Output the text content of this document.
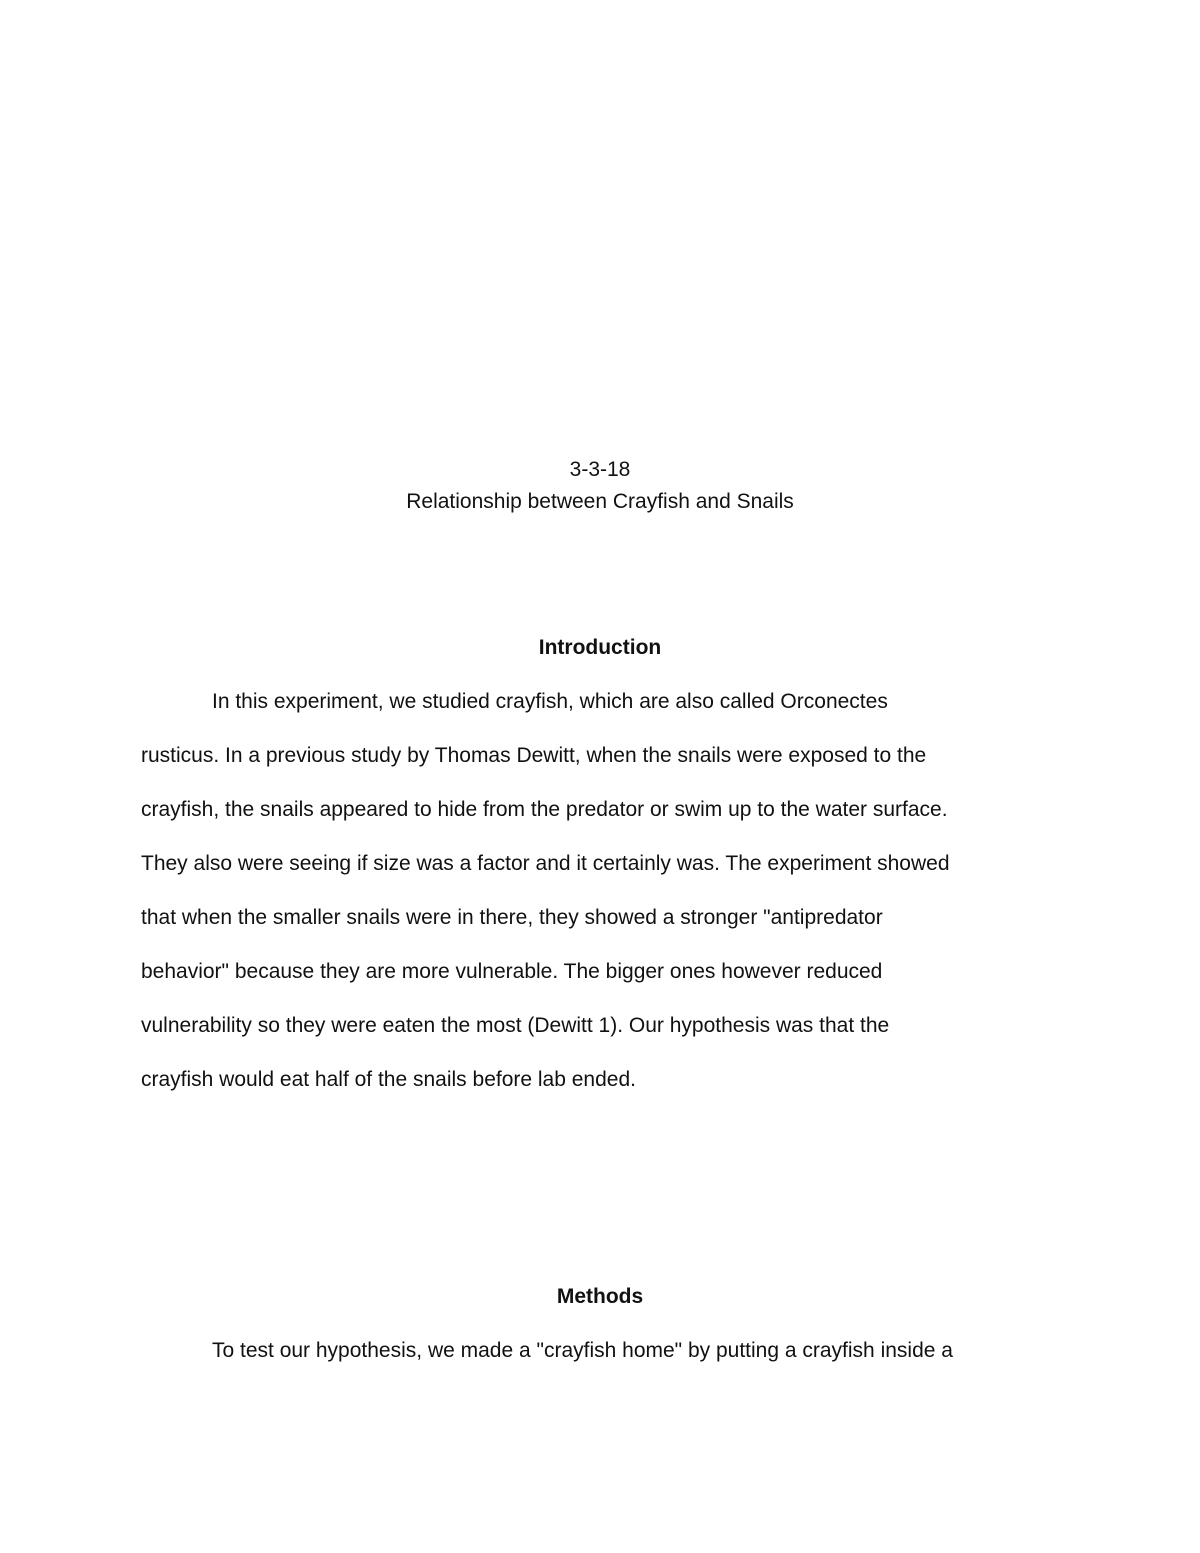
3-3-18
Relationship between Crayfish and Snails
Introduction
In this experiment, we studied crayfish, which are also called Orconectes
rusticus. In a previous study by Thomas Dewitt, when the snails were exposed to the
crayfish, the snails appeared to hide from the predator or swim up to the water surface.
They also were seeing if size was a factor and it certainly was. The experiment showed
that when the smaller snails were in there, they showed a stronger "antipredator
behavior" because they are more vulnerable. The bigger ones however reduced
vulnerability so they were eaten the most (Dewitt 1). Our hypothesis was that the
crayfish would eat half of the snails before lab ended.
Methods
To test our hypothesis, we made a "crayfish home" by putting a crayfish inside a
